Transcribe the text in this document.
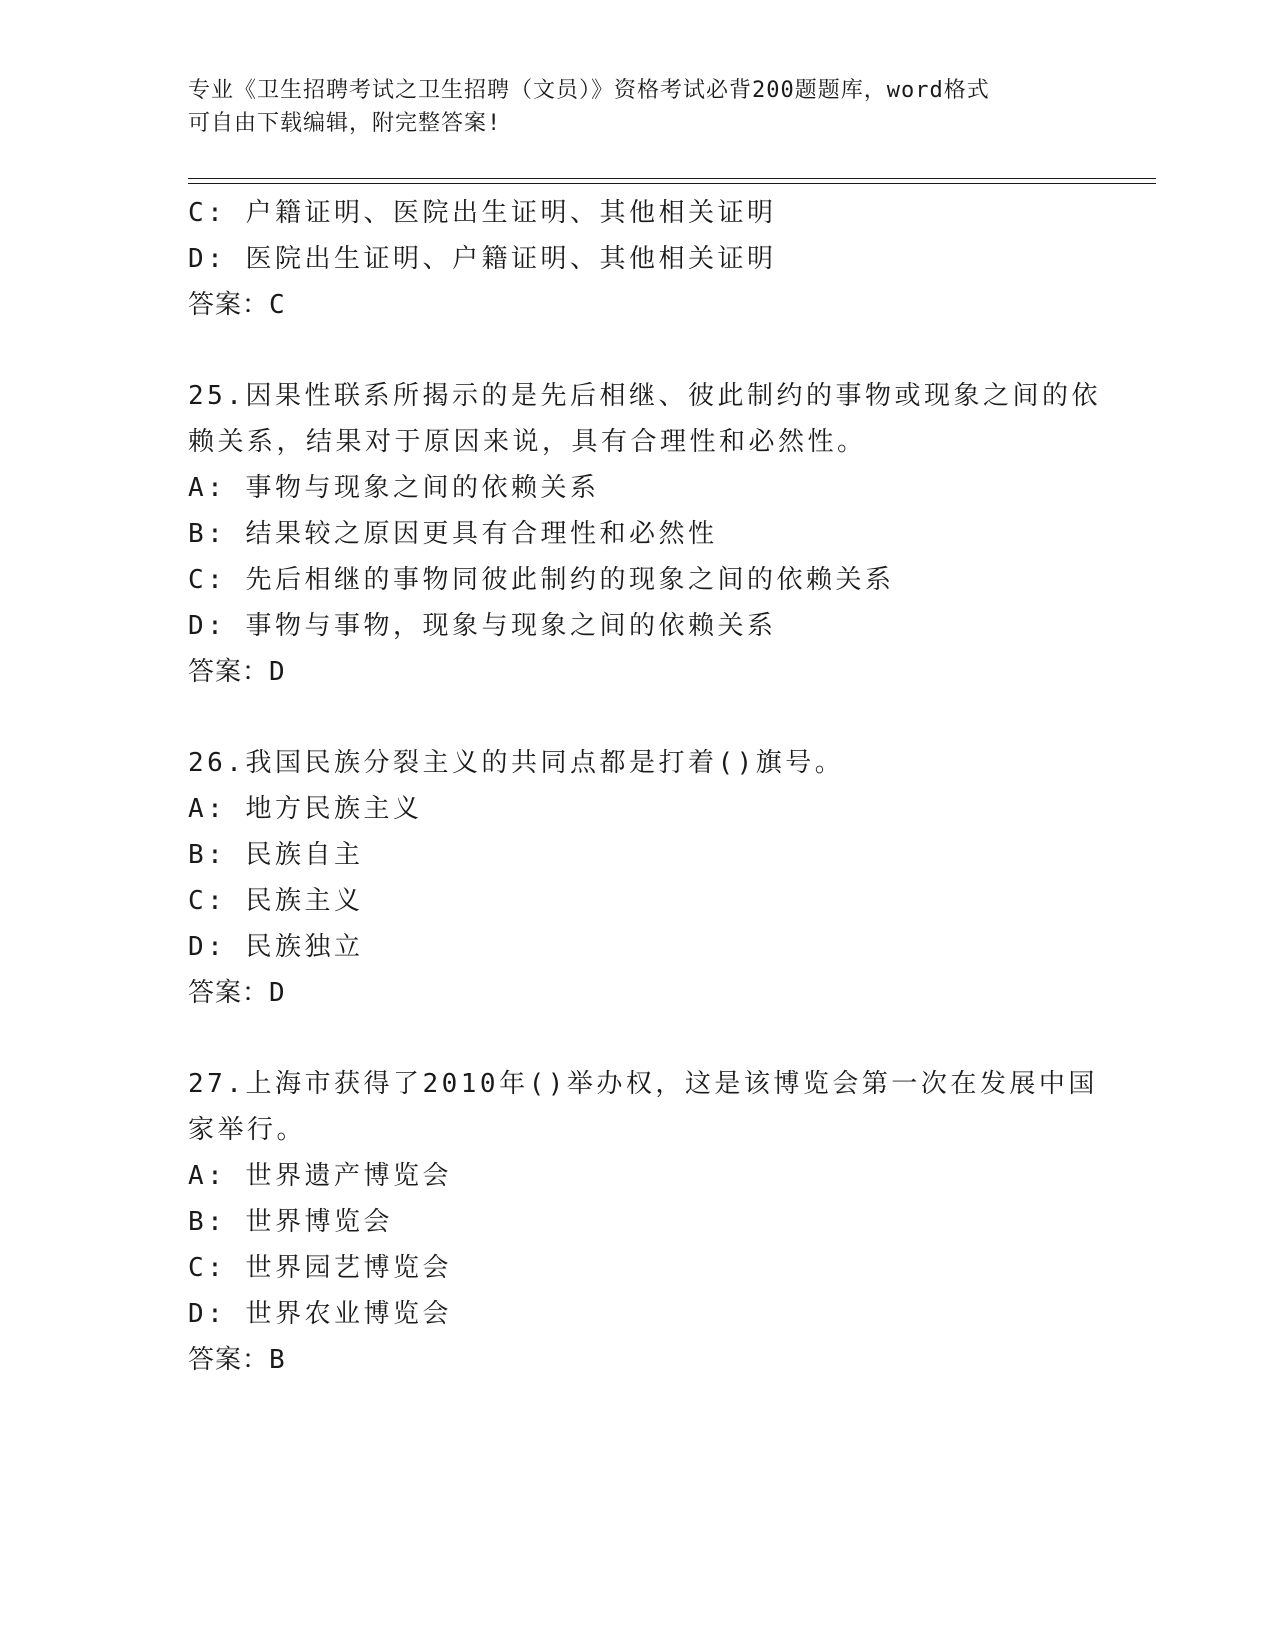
专业《卫生招聘考试之卫生招聘（文员）》资格考试必背200题题库，word格式
可自由下载编辑，附完整答案!
C: 户籍证明、医院出生证明、其他相关证明
D: 医院出生证明、户籍证明、其他相关证明
答案：C
25.因果性联系所揭示的是先后相继、彼此制约的事物或现象之间的依
赖关系，结果对于原因来说，具有合理性和必然性。
A: 事物与现象之间的依赖关系
B: 结果较之原因更具有合理性和必然性
C: 先后相继的事物同彼此制约的现象之间的依赖关系
D: 事物与事物，现象与现象之间的依赖关系
答案：D
26.我国民族分裂主义的共同点都是打着()旗号。
A: 地方民族主义
B: 民族自主
C: 民族主义
D: 民族独立
答案：D
27.上海市获得了2010年()举办权，这是该博览会第一次在发展中国
家举行。
A: 世界遗产博览会
B: 世界博览会
C: 世界园艺博览会
D: 世界农业博览会
答案：B
